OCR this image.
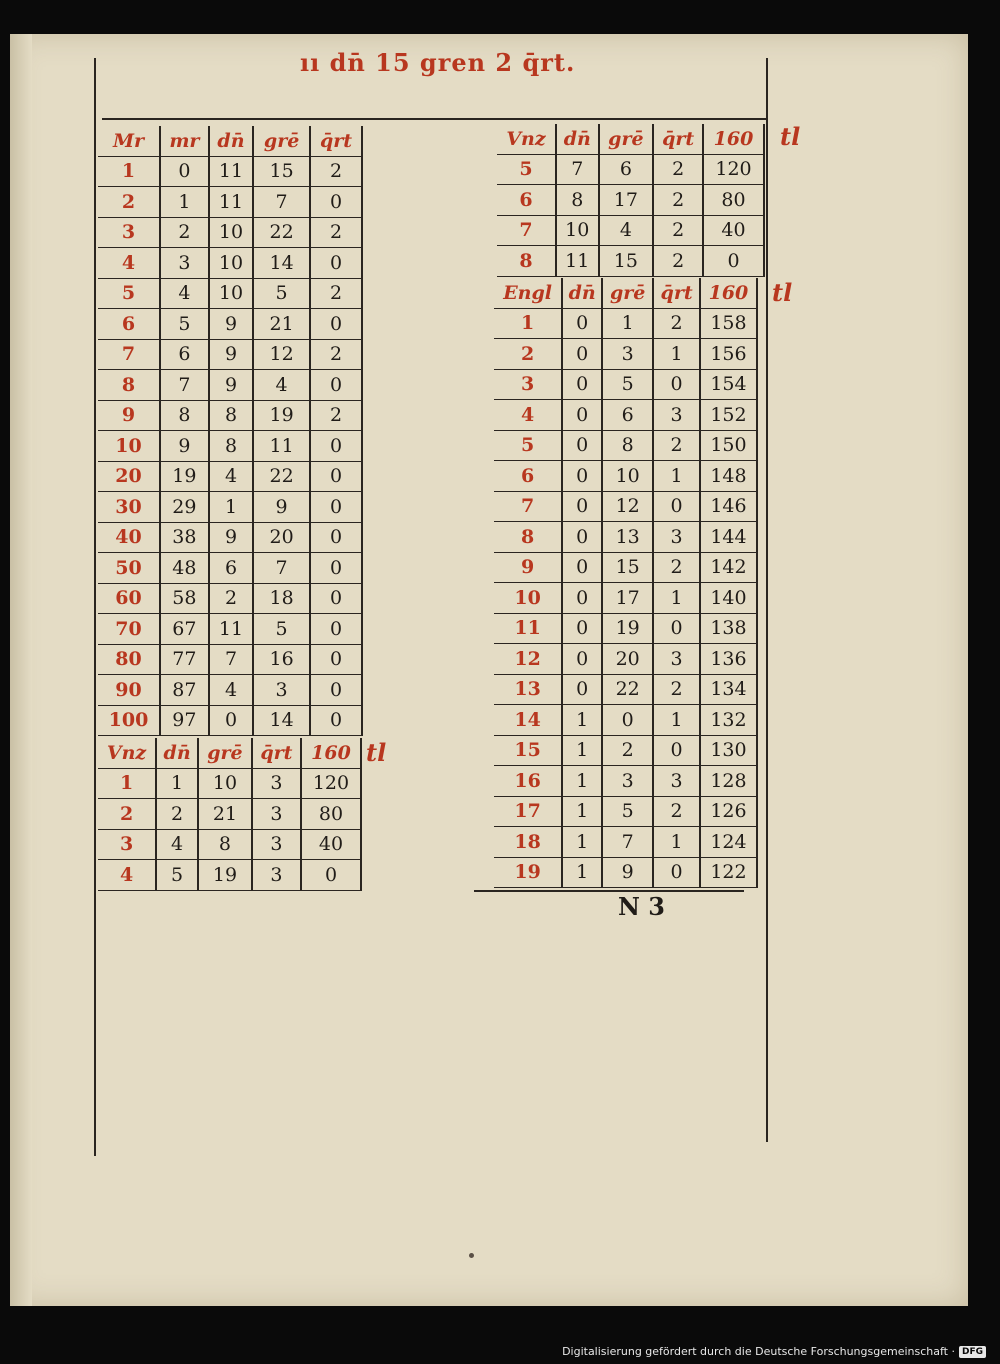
ıı dn̄ 15 gren 2 q̄rt.
Mr	mr	dn̄	grē	q̄rt
1	0	11	15	2
2	1	11	7	0
3	2	10	22	2
4	3	10	14	0
5	4	10	5	2
6	5	9	21	0
7	6	9	12	2
8	7	9	4	0
9	8	8	19	2
10	9	8	11	0
20	19	4	22	0
30	29	1	9	0
40	38	9	20	0
50	48	6	7	0
60	58	2	18	0
70	67	11	5	0
80	77	7	16	0
90	87	4	3	0
100	97	0	14	0
Vnz	dn̄	grē	q̄rt	160
1	1	10	3	120
2	2	21	3	80
3	4	8	3	40
4	5	19	3	0
tl
Vnz	dn̄	grē	q̄rt	160
5	7	6	2	120
6	8	17	2	80
7	10	4	2	40
8	11	15	2	0
tl
Engl	dn̄	grē	q̄rt	160
1	0	1	2	158
2	0	3	1	156
3	0	5	0	154
4	0	6	3	152
5	0	8	2	150
6	0	10	1	148
7	0	12	0	146
8	0	13	3	144
9	0	15	2	142
10	0	17	1	140
11	0	19	0	138
12	0	20	3	136
13	0	22	2	134
14	1	0	1	132
15	1	2	0	130
16	1	3	3	128
17	1	5	2	126
18	1	7	1	124
19	1	9	0	122
tl
N 3
Digitalisierung gefördert durch die Deutsche Forschungsgemeinschaft · DFG
